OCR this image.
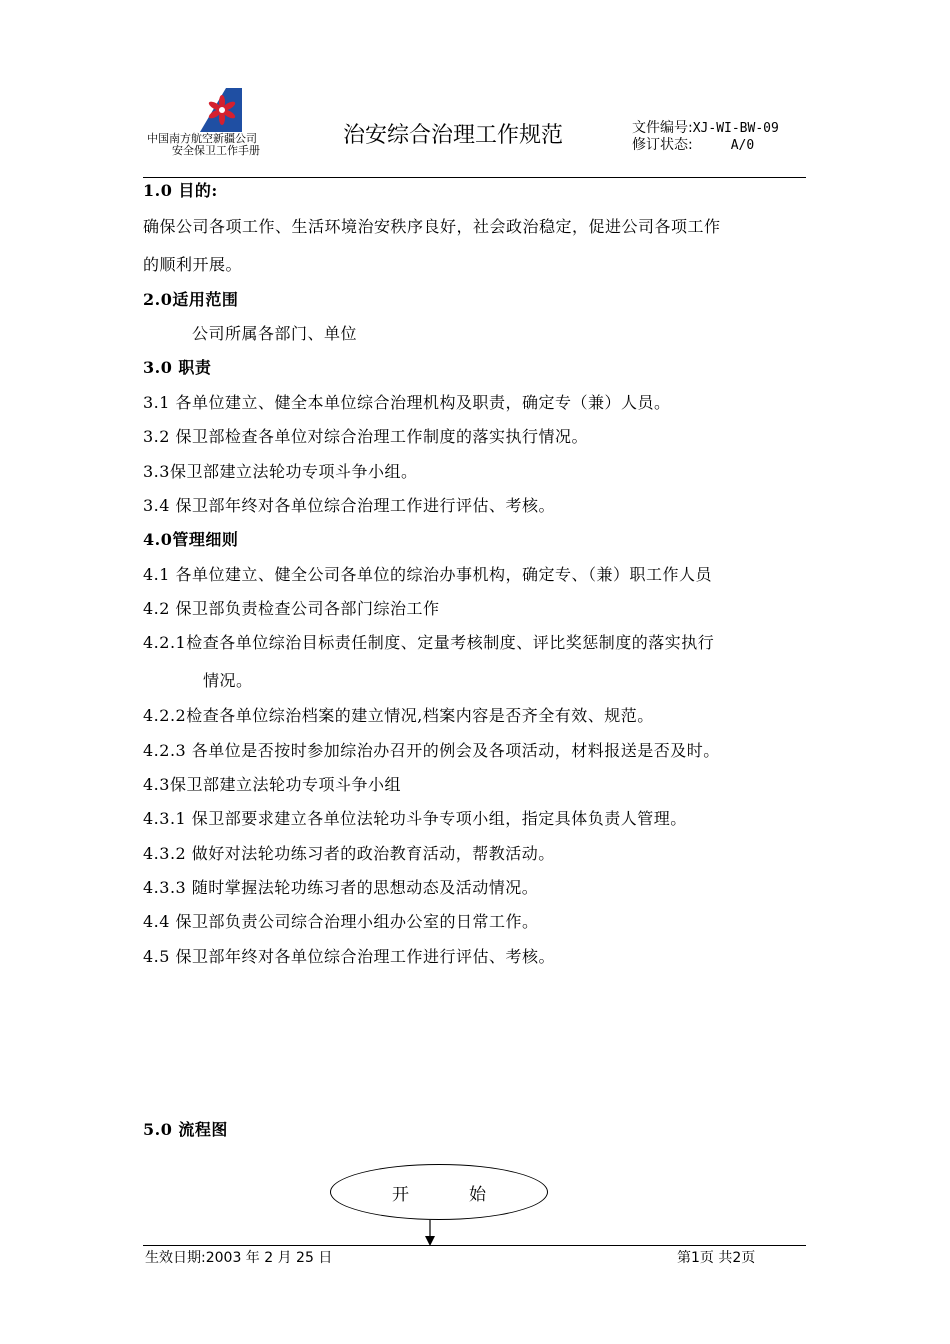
中国南方航空新疆公司
安全保卫工作手册
治安综合治理工作规范	文件编号:XJ-WI-BW-09
修订状态:	A/0
1.0 目的:
确保公司各项工作、生活环境治安秩序良好，社会政治稳定，促进公司各项工作
的顺利开展。
2.0适用范围
公司所属各部门、单位
3.0 职责
3.1 各单位建立、健全本单位综合治理机构及职责，确定专（兼）人员。
3.2 保卫部检查各单位对综合治理工作制度的落实执行情况。
3.3保卫部建立法轮功专项斗争小组。
3.4 保卫部年终对各单位综合治理工作进行评估、考核。
4.0管理细则
4.1 各单位建立、健全公司各单位的综治办事机构，确定专、（兼）职工作人员
4.2 保卫部负责检查公司各部门综治工作
4.2.1检查各单位综治目标责任制度、定量考核制度、评比奖惩制度的落实执行
情况。
4.2.2检查各单位综治档案的建立情况,档案内容是否齐全有效、规范。
4.2.3 各单位是否按时参加综治办召开的例会及各项活动，材料报送是否及时。
4.3保卫部建立法轮功专项斗争小组
4.3.1 保卫部要求建立各单位法轮功斗争专项小组，指定具体负责人管理。
4.3.2 做好对法轮功练习者的政治教育活动，帮教活动。
4.3.3 随时掌握法轮功练习者的思想动态及活动情况。
4.4 保卫部负责公司综合治理小组办公室的日常工作。
4.5 保卫部年终对各单位综合治理工作进行评估、考核。
5.0 流程图
开始
生效日期:2003 年 2 月 25 日	第1页 共2页
